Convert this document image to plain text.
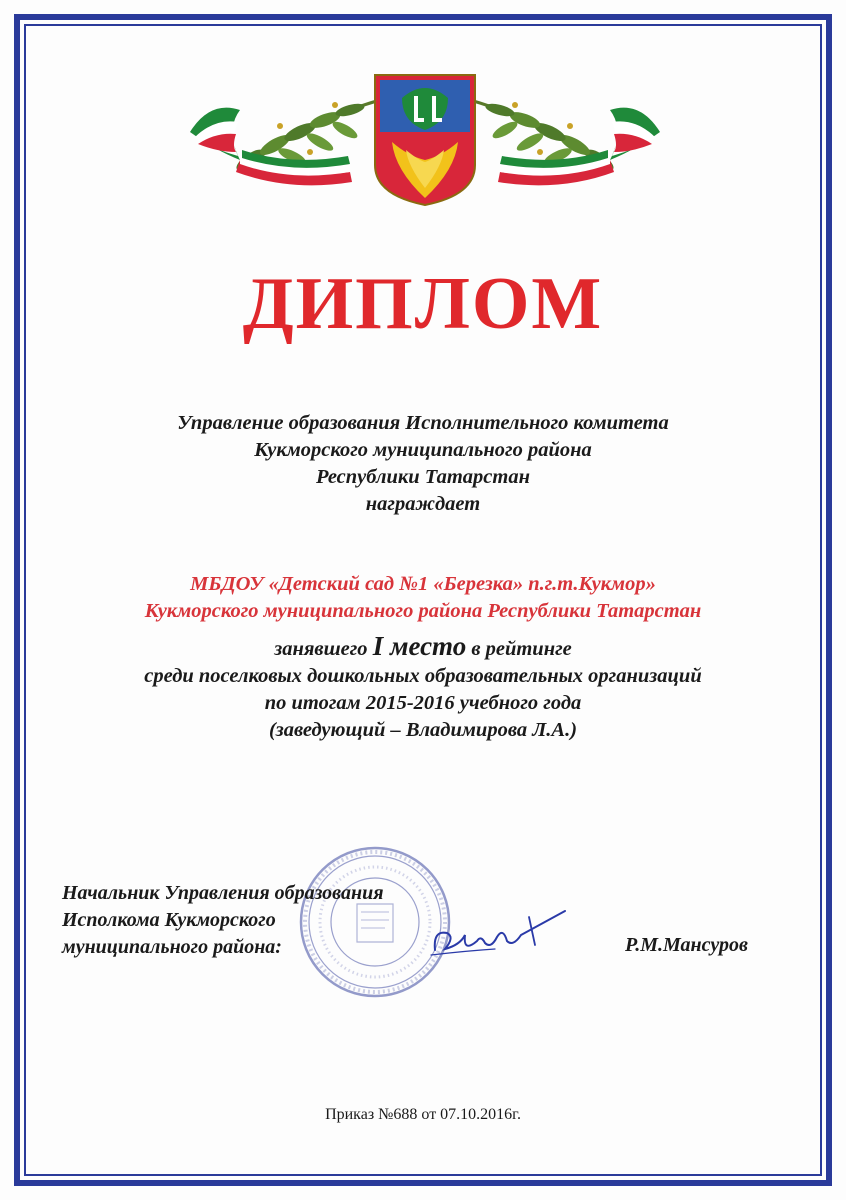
ДИПЛОМ
Управление образования Исполнительного комитета
Кукморского муниципального района
Республики Татарстан
награждает
МБДОУ «Детский сад №1 «Березка» п.г.т.Кукмор»
Кукморского муниципального района Республики Татарстан
занявшего I место в рейтинге
среди поселковых дошкольных образовательных организаций
по итогам 2015-2016 учебного года
(заведующий – Владимирова Л.А.)
Начальник Управления образования
Исполкома Кукморского
муниципального района:	Р.М.Мансуров
Приказ №688 от 07.10.2016г.
